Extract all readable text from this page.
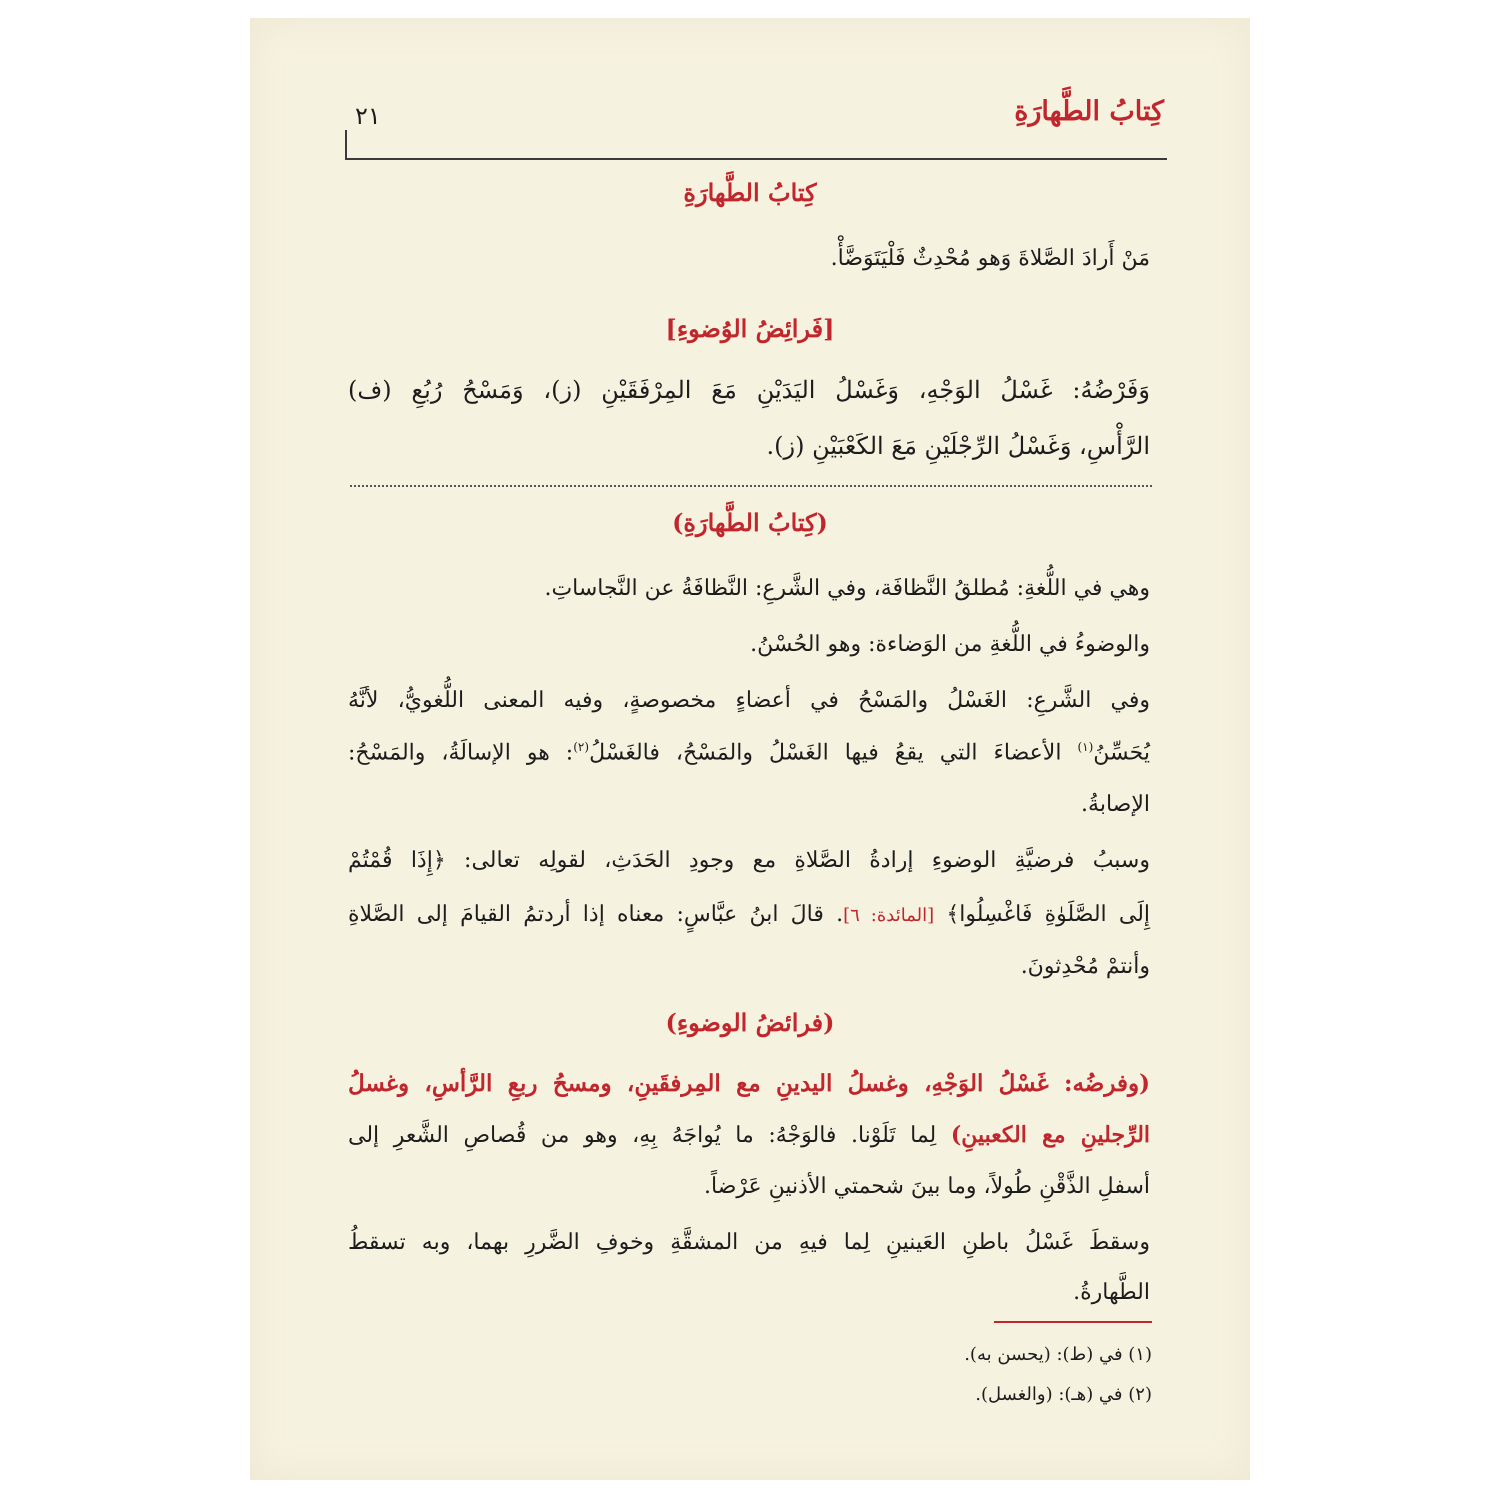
كِتابُ الطَّهارَةِ
٢١
كِتابُ الطَّهارَةِ
مَنْ أَرادَ الصَّلاةَ وَهو مُحْدِثٌ فَلْيَتَوَضَّأْ.
[فَرائِضُ الوُضوءِ]
وَفَرْضُهُ: غَسْلُ الوَجْهِ، وَغَسْلُ اليَدَيْنِ مَعَ المِرْفَقَيْنِ (ز)، وَمَسْحُ رُبُعِ (ف)
الرَّأْسِ، وَغَسْلُ الرِّجْلَيْنِ مَعَ الكَعْبَيْنِ (ز).
(كِتابُ الطَّهارَةِ)
وهي في اللُّغةِ: مُطلقُ النَّظافَة، وفي الشَّرعِ: النَّظافَةُ عن النَّجاساتِ.
والوضوءُ في اللُّغةِ من الوَضاءة: وهو الحُسْنُ.
وفي الشَّرعِ: الغَسْلُ والمَسْحُ في أعضاءٍ مخصوصةٍ، وفيه المعنى اللُّغويُّ، لأنَّهُ
يُحَسِّنُ$^{(١)}$ الأعضاءَ التي يقعُ فيها الغَسْلُ والمَسْحُ، فالغَسْلُ$^{(٢)}$: هو الإسالَةُ، والمَسْحُ:
الإصابةُ.
وسببُ فرضيَّةِ الوضوءِ إرادةُ الصَّلاةِ مع وجودِ الحَدَثِ، لقولِه تعالى: ﴿إِذَا قُمْتُمْ
إِلَى الصَّلَوٰةِ فَاغْسِلُوا﴾ [المائدة: ٦]. قالَ ابنُ عبَّاسٍ: معناه إذا أردتمُ القيامَ إلى الصَّلاةِ
وأنتمْ مُحْدِثونَ.
(فرائضُ الوضوءِ)
(وفرضُه: غَسْلُ الوَجْهِ، وغسلُ اليدينِ مع المِرفقَينِ، ومسحُ ربعِ الرَّأسِ، وغسلُ
الرِّجلينِ مع الكعبينِ) لِما تَلَوْنا. فالوَجْهُ: ما يُواجَهُ بِهِ، وهو من قُصاصِ الشَّعرِ إلى
أسفلِ الذَّقْنِ طُولاً، وما بينَ شحمتي الأذنينِ عَرْضاً.
وسقطَ غَسْلُ باطنِ العَينينِ لِما فيهِ من المشقَّةِ وخوفِ الضَّررِ بهما، وبه تسقطُ
الطَّهارةُ.
(١) في (ط): (يحسن به).
(٢) في (هـ): (والغسل).
